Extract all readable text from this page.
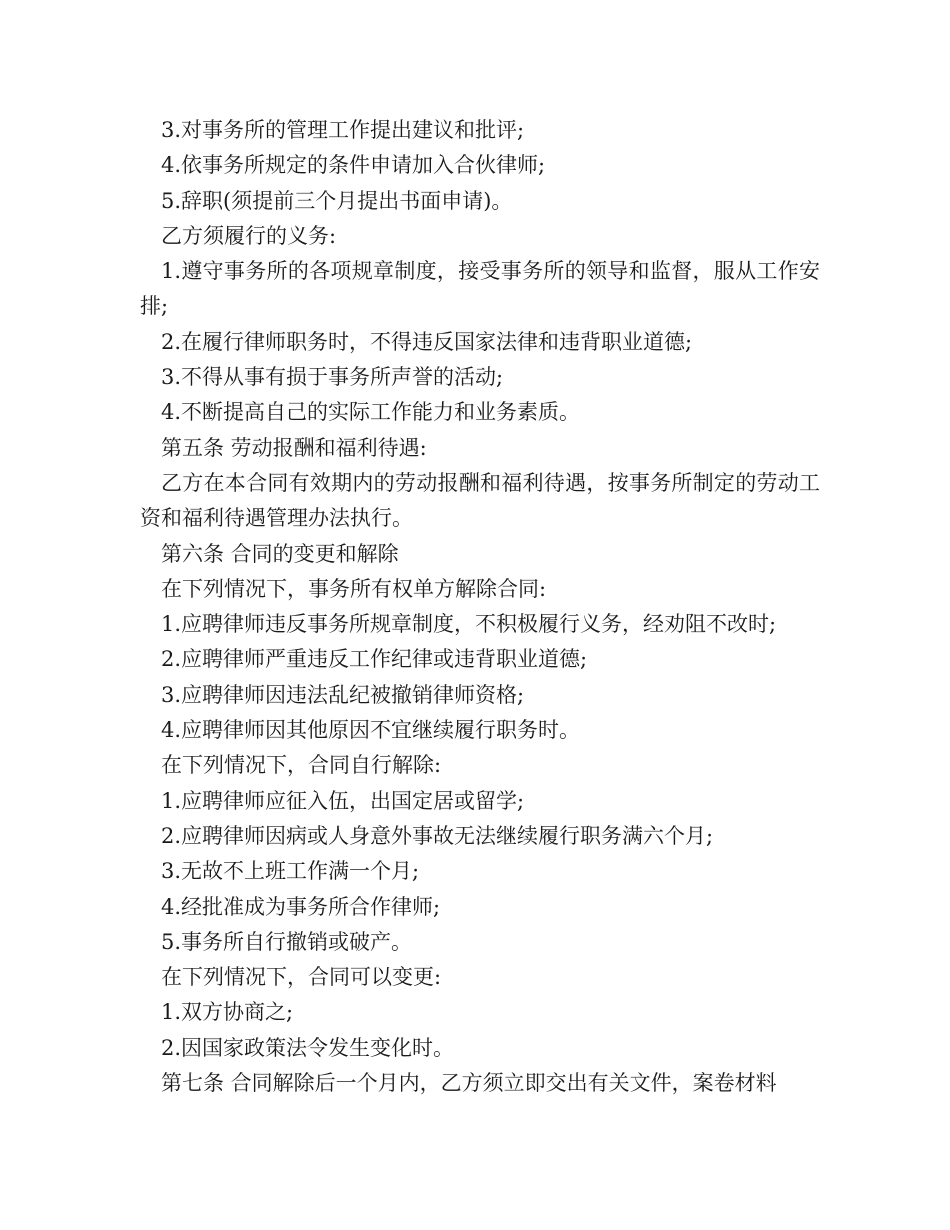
3.对事务所的管理工作提出建议和批评;

4.依事务所规定的条件申请加入合伙律师;

5.辞职(须提前三个月提出书面申请)。

乙方须履行的义务:

1.遵守事务所的各项规章制度，接受事务所的领导和监督，服从工作安排;

2.在履行律师职务时，不得违反国家法律和违背职业道德;

3.不得从事有损于事务所声誉的活动;

4.不断提高自己的实际工作能力和业务素质。

第五条 劳动报酬和福利待遇:

乙方在本合同有效期内的劳动报酬和福利待遇，按事务所制定的劳动工资和福利待遇管理办法执行。

第六条 合同的变更和解除

在下列情况下，事务所有权单方解除合同:

1.应聘律师违反事务所规章制度，不积极履行义务，经劝阻不改时;

2.应聘律师严重违反工作纪律或违背职业道德;

3.应聘律师因违法乱纪被撤销律师资格;

4.应聘律师因其他原因不宜继续履行职务时。

在下列情况下，合同自行解除:

1.应聘律师应征入伍，出国定居或留学;

2.应聘律师因病或人身意外事故无法继续履行职务满六个月;

3.无故不上班工作满一个月;

4.经批准成为事务所合作律师;

5.事务所自行撤销或破产。

在下列情况下，合同可以变更:

1.双方协商之;

2.因国家政策法令发生变化时。

第七条 合同解除后一个月内，乙方须立即交出有关文件，案卷材料
